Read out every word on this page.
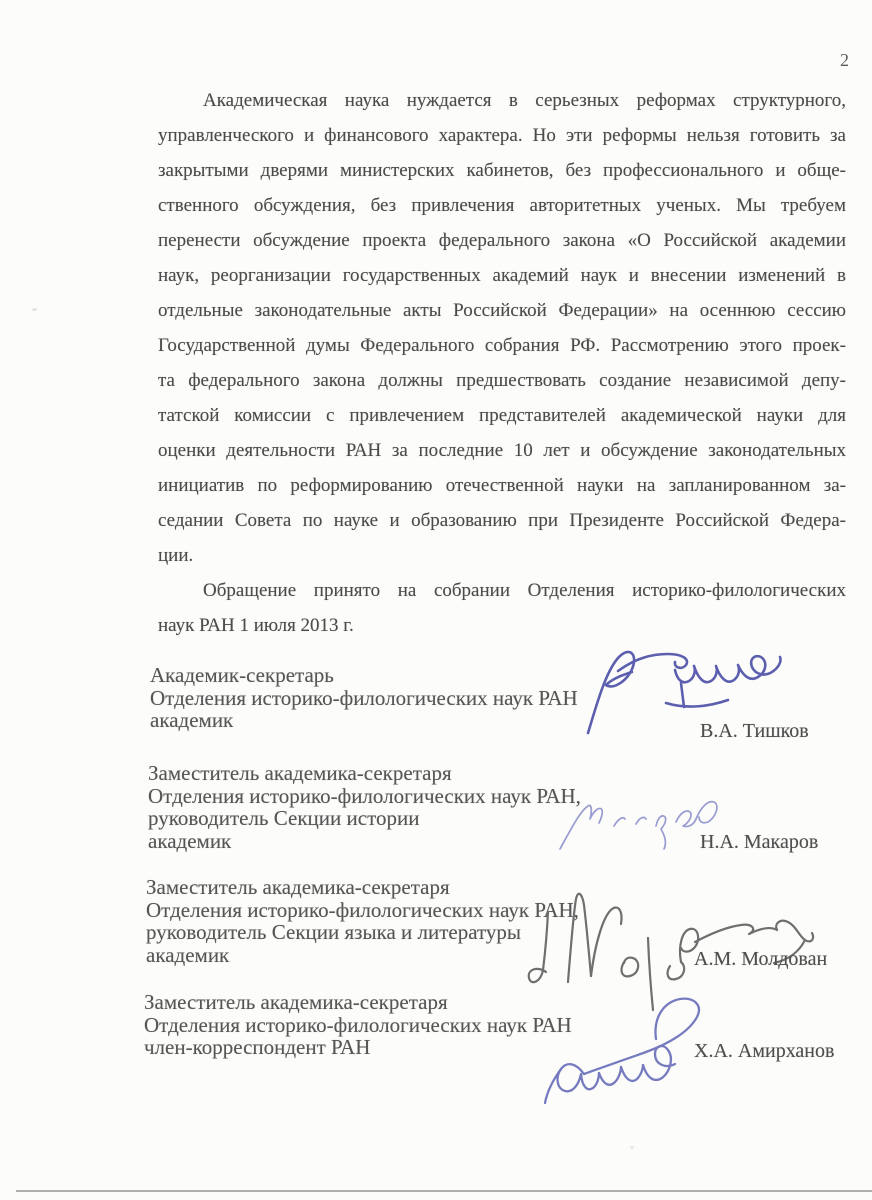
2
Академическая наука нуждается в серьезных реформах структурного,
управленческого и финансового характера. Но эти реформы нельзя готовить за
закрытыми дверями министерских кабинетов, без профессионального и обще-
ственного обсуждения, без привлечения авторитетных ученых. Мы требуем
перенести обсуждение проекта федерального закона «О Российской академии
наук, реорганизации государственных академий наук и внесении изменений в
отдельные законодательные акты Российской Федерации» на осеннюю сессию
Государственной думы Федерального собрания РФ. Рассмотрению этого проек-
та федерального закона должны предшествовать создание независимой депу-
татской комиссии с привлечением представителей академической науки для
оценки деятельности РАН за последние 10 лет и обсуждение законодательных
инициатив по реформированию отечественной науки на запланированном за-
седании Совета по науке и образованию при Президенте Российской Федера-
ции.
Обращение принято на собрании Отделения историко-филологических
наук РАН 1 июля 2013 г.
Академик-секретарь
Отделения историко-филологических наук РАН
академик	В.А. Тишков
Заместитель академика-секретаря
Отделения историко-филологических наук РАН,
руководитель Секции истории
академик	Н.А. Макаров
Заместитель академика-секретаря
Отделения историко-филологических наук РАН,
руководитель Секции языка и литературы
академик	А.М. Молдован
Заместитель академика-секретаря
Отделения историко-филологических наук РАН
член-корреспондент РАН	Х.А. Амирханов
